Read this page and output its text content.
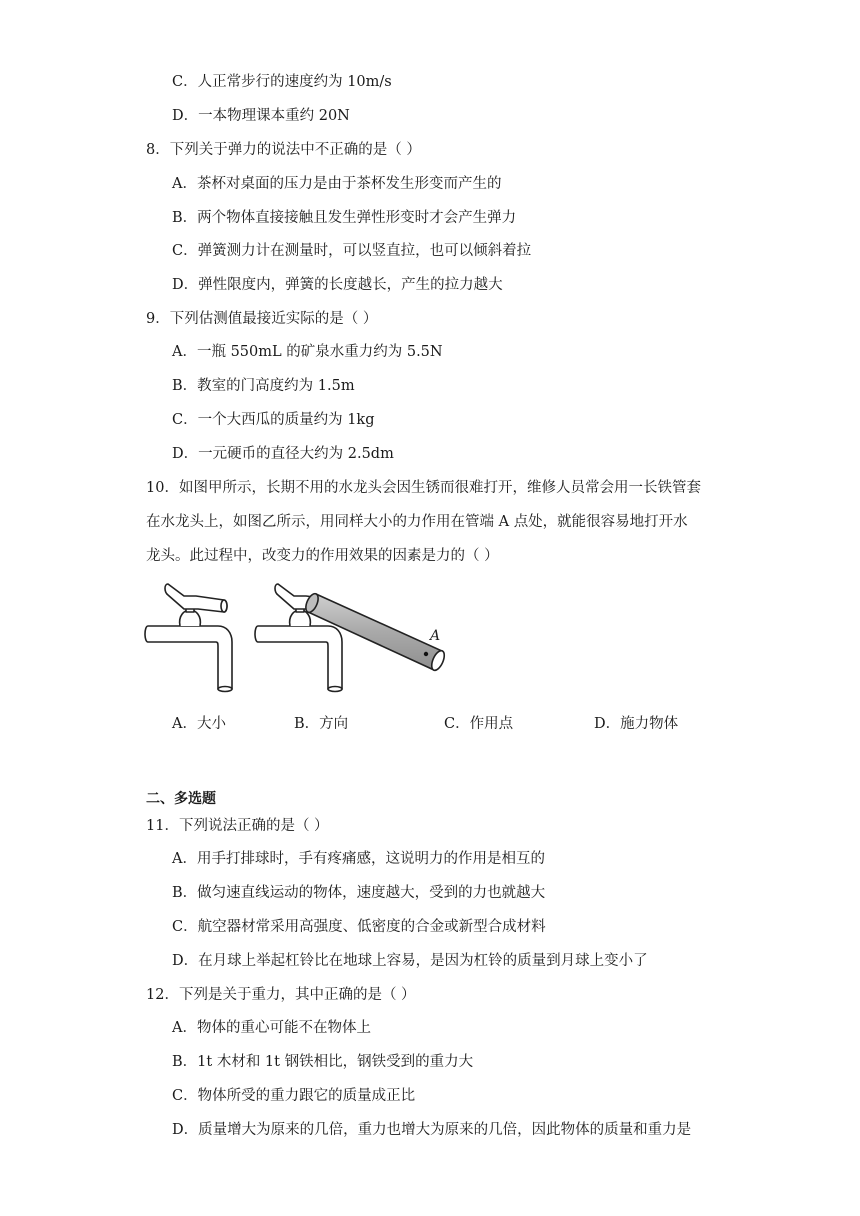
C．人正常步行的速度约为 10m/s
D．一本物理课本重约 20N
8．下列关于弹力的说法中不正确的是（ ）
A．茶杯对桌面的压力是由于茶杯发生形变而产生的
B．两个物体直接接触且发生弹性形变时才会产生弹力
C．弹簧测力计在测量时，可以竖直拉，也可以倾斜着拉
D．弹性限度内，弹簧的长度越长，产生的拉力越大
9．下列估测值最接近实际的是（ ）
A．一瓶 550mL 的矿泉水重力约为 5.5N
B．教室的门高度约为 1.5m
C．一个大西瓜的质量约为 1kg
D．一元硬币的直径大约为 2.5dm
10．如图甲所示，长期不用的水龙头会因生锈而很难打开，维修人员常会用一长铁管套
在水龙头上，如图乙所示，用同样大小的力作用在管端 A 点处，就能很容易地打开水
龙头。此过程中，改变力的作用效果的因素是力的（ ）
A
A．大小	B．方向	C．作用点	D．施力物体
二、多选题
11．下列说法正确的是（ ）
A．用手打排球时，手有疼痛感，这说明力的作用是相互的
B．做匀速直线运动的物体，速度越大，受到的力也就越大
C．航空器材常采用高强度、低密度的合金或新型合成材料
D．在月球上举起杠铃比在地球上容易，是因为杠铃的质量到月球上变小了
12．下列是关于重力，其中正确的是（ ）
A．物体的重心可能不在物体上
B．1t 木材和 1t 钢铁相比，钢铁受到的重力大
C．物体所受的重力跟它的质量成正比
D．质量增大为原来的几倍，重力也增大为原来的几倍，因此物体的质量和重力是
